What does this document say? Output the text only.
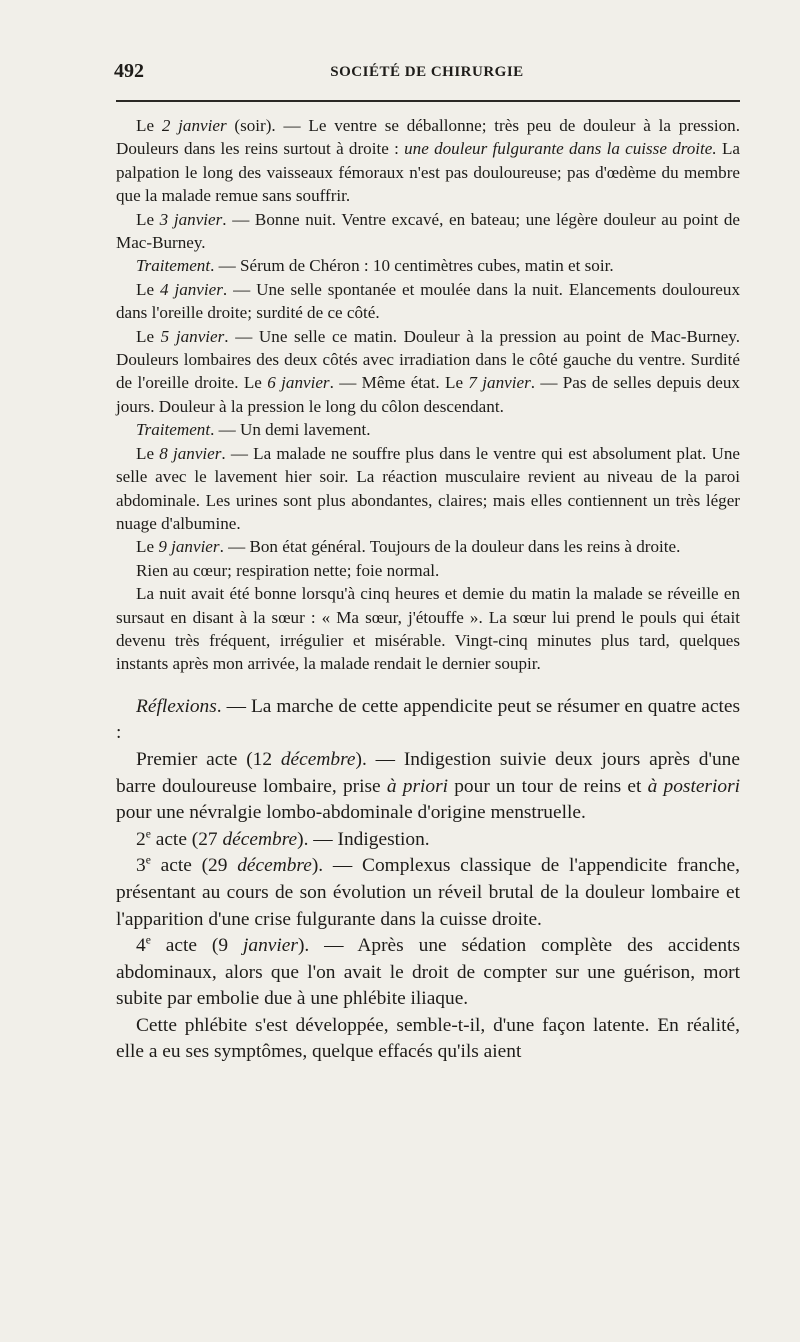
492	SOCIÉTÉ DE CHIRURGIE

Le 2 janvier (soir). — Le ventre se déballonne; très peu de douleur à la pression. Douleurs dans les reins surtout à droite : une douleur fulgurante dans la cuisse droite. La palpation le long des vaisseaux fémoraux n'est pas douloureuse; pas d'œdème du membre que la malade remue sans souffrir.

Le 3 janvier. — Bonne nuit. Ventre excavé, en bateau; une légère douleur au point de Mac-Burney.

Traitement. — Sérum de Chéron : 10 centimètres cubes, matin et soir.

Le 4 janvier. — Une selle spontanée et moulée dans la nuit. Elancements douloureux dans l'oreille droite; surdité de ce côté.

Le 5 janvier. — Une selle ce matin. Douleur à la pression au point de Mac-Burney. Douleurs lombaires des deux côtés avec irradiation dans le côté gauche du ventre. Surdité de l'oreille droite. Le 6 janvier. — Même état. Le 7 janvier. — Pas de selles depuis deux jours. Douleur à la pression le long du côlon descendant.

Traitement. — Un demi lavement.

Le 8 janvier. — La malade ne souffre plus dans le ventre qui est absolument plat. Une selle avec le lavement hier soir. La réaction musculaire revient au niveau de la paroi abdominale. Les urines sont plus abondantes, claires; mais elles contiennent un très léger nuage d'albumine.

Le 9 janvier. — Bon état général. Toujours de la douleur dans les reins à droite.

Rien au cœur; respiration nette; foie normal.

La nuit avait été bonne lorsqu'à cinq heures et demie du matin la malade se réveille en sursaut en disant à la sœur : « Ma sœur, j'étouffe ». La sœur lui prend le pouls qui était devenu très fréquent, irrégulier et misérable. Vingt-cinq minutes plus tard, quelques instants après mon arrivée, la malade rendait le dernier soupir.

Réflexions. — La marche de cette appendicite peut se résumer en quatre actes :

Premier acte (12 décembre). — Indigestion suivie deux jours après d'une barre douloureuse lombaire, prise à priori pour un tour de reins et à posteriori pour une névralgie lombo-abdominale d'origine menstruelle.

2e acte (27 décembre). — Indigestion.

3e acte (29 décembre). — Complexus classique de l'appendicite franche, présentant au cours de son évolution un réveil brutal de la douleur lombaire et l'apparition d'une crise fulgurante dans la cuisse droite.

4e acte (9 janvier). — Après une sédation complète des accidents abdominaux, alors que l'on avait le droit de compter sur une guérison, mort subite par embolie due à une phlébite iliaque.

Cette phlébite s'est développée, semble-t-il, d'une façon latente. En réalité, elle a eu ses symptômes, quelque effacés qu'ils aient
